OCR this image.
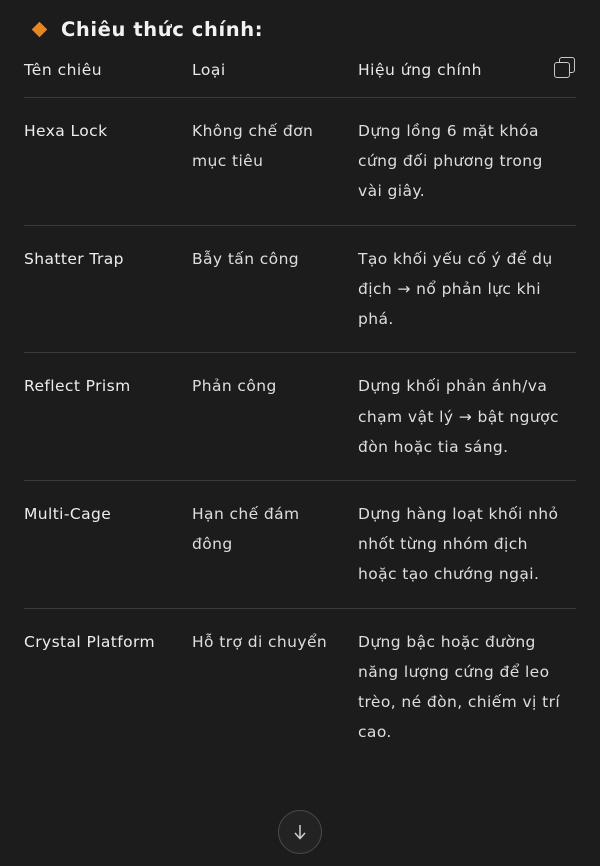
Chiêu thức chính:
Tên chiêu	Loại	Hiệu ứng chính

Hexa Lock	Không chế đơn mục tiêu	Dựng lồng 6 mặt khóa cứng đối phương trong vài giây.
Shatter Trap	Bẫy tấn công	Tạo khối yếu cố ý để dụ địch → nổ phản lực khi phá.
Reflect Prism	Phản công	Dựng khối phản ánh/va chạm vật lý → bật ngược đòn hoặc tia sáng.
Multi-Cage	Hạn chế đám đông	Dựng hàng loạt khối nhỏ nhốt từng nhóm địch hoặc tạo chướng ngại.
Crystal Platform	Hỗ trợ di chuyển	Dựng bậc hoặc đường năng lượng cứng để leo trèo, né đòn, chiếm vị trí cao.
